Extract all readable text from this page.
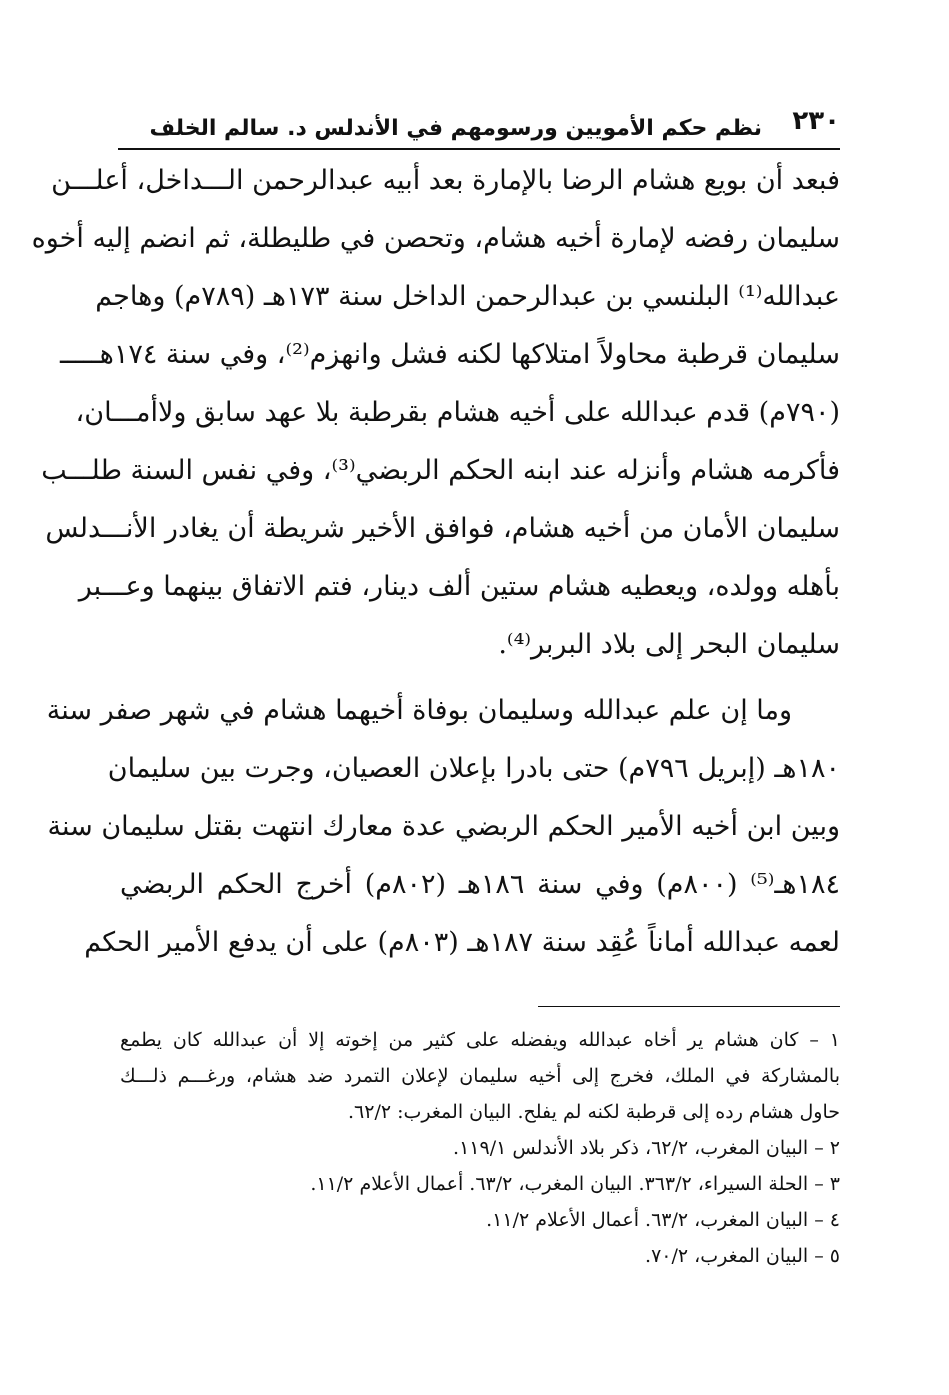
٢٣٠
نظم حكم الأمويين ورسومهم في الأندلس د. سالم الخلف
فبعد أن بويع هشام الرضا بالإمارة بعد أبيه عبدالرحمن الـــداخل، أعلـــن
سليمان رفضه لإمارة أخيه هشام، وتحصن في طليطلة، ثم انضم إليه أخوه
عبدالله⁽¹⁾ البلنسي بن عبدالرحمن الداخل سنة ١٧٣هـ (٧٨٩م) وهاجم
سليمان قرطبة محاولاً امتلاكها لكنه فشل وانهزم⁽²⁾، وفي سنة ١٧٤هـــــ
(٧٩٠م) قدم عبدالله على أخيه هشام بقرطبة بلا عهد سابق ولاأمـــان،
فأكرمه هشام وأنزله عند ابنه الحكم الربضي⁽³⁾، وفي نفس السنة طلـــب
سليمان الأمان من أخيه هشام، فوافق الأخير شريطة أن يغادر الأنـــدلس
بأهله وولده، ويعطيه هشام ستين ألف دينار، فتم الاتفاق بينهما وعـــبر
سليمان البحر إلى بلاد البربر⁽⁴⁾.
وما إن علم عبدالله وسليمان بوفاة أخيهما هشام في شهر صفر سنة
١٨٠هـ (إبريل ٧٩٦م) حتى بادرا بإعلان العصيان، وجرت بين سليمان
وبين ابن أخيه الأمير الحكم الربضي عدة معارك انتهت بقتل سليمان سنة
١٨٤هـ⁽⁵⁾ (٨٠٠م) وفي سنة ١٨٦هـ (٨٠٢م) أخرج الحكم الربضي
لعمه عبدالله أماناً عُقِد سنة ١٨٧هـ (٨٠٣م) على أن يدفع الأمير الحكم
١ – كان هشام ير أخاه عبدالله ويفضله على كثير من إخوته إلا أن عبدالله كان يطمع
بالمشاركة في الملك، فخرج إلى أخيه سليمان لإعلان التمرد ضد هشام، ورغـــم ذلـــك
حاول هشام رده إلى قرطبة لكنه لم يفلح. البيان المغرب: ٦٢/٢.
٢ – البيان المغرب، ٦٢/٢، ذكر بلاد الأندلس ١١٩/١.
٣ – الحلة السيراء، ٣٦٣/٢. البيان المغرب، ٦٣/٢. أعمال الأعلام ١١/٢.
٤ – البيان المغرب، ٦٣/٢. أعمال الأعلام ١١/٢.
٥ – البيان المغرب، ٧٠/٢.
